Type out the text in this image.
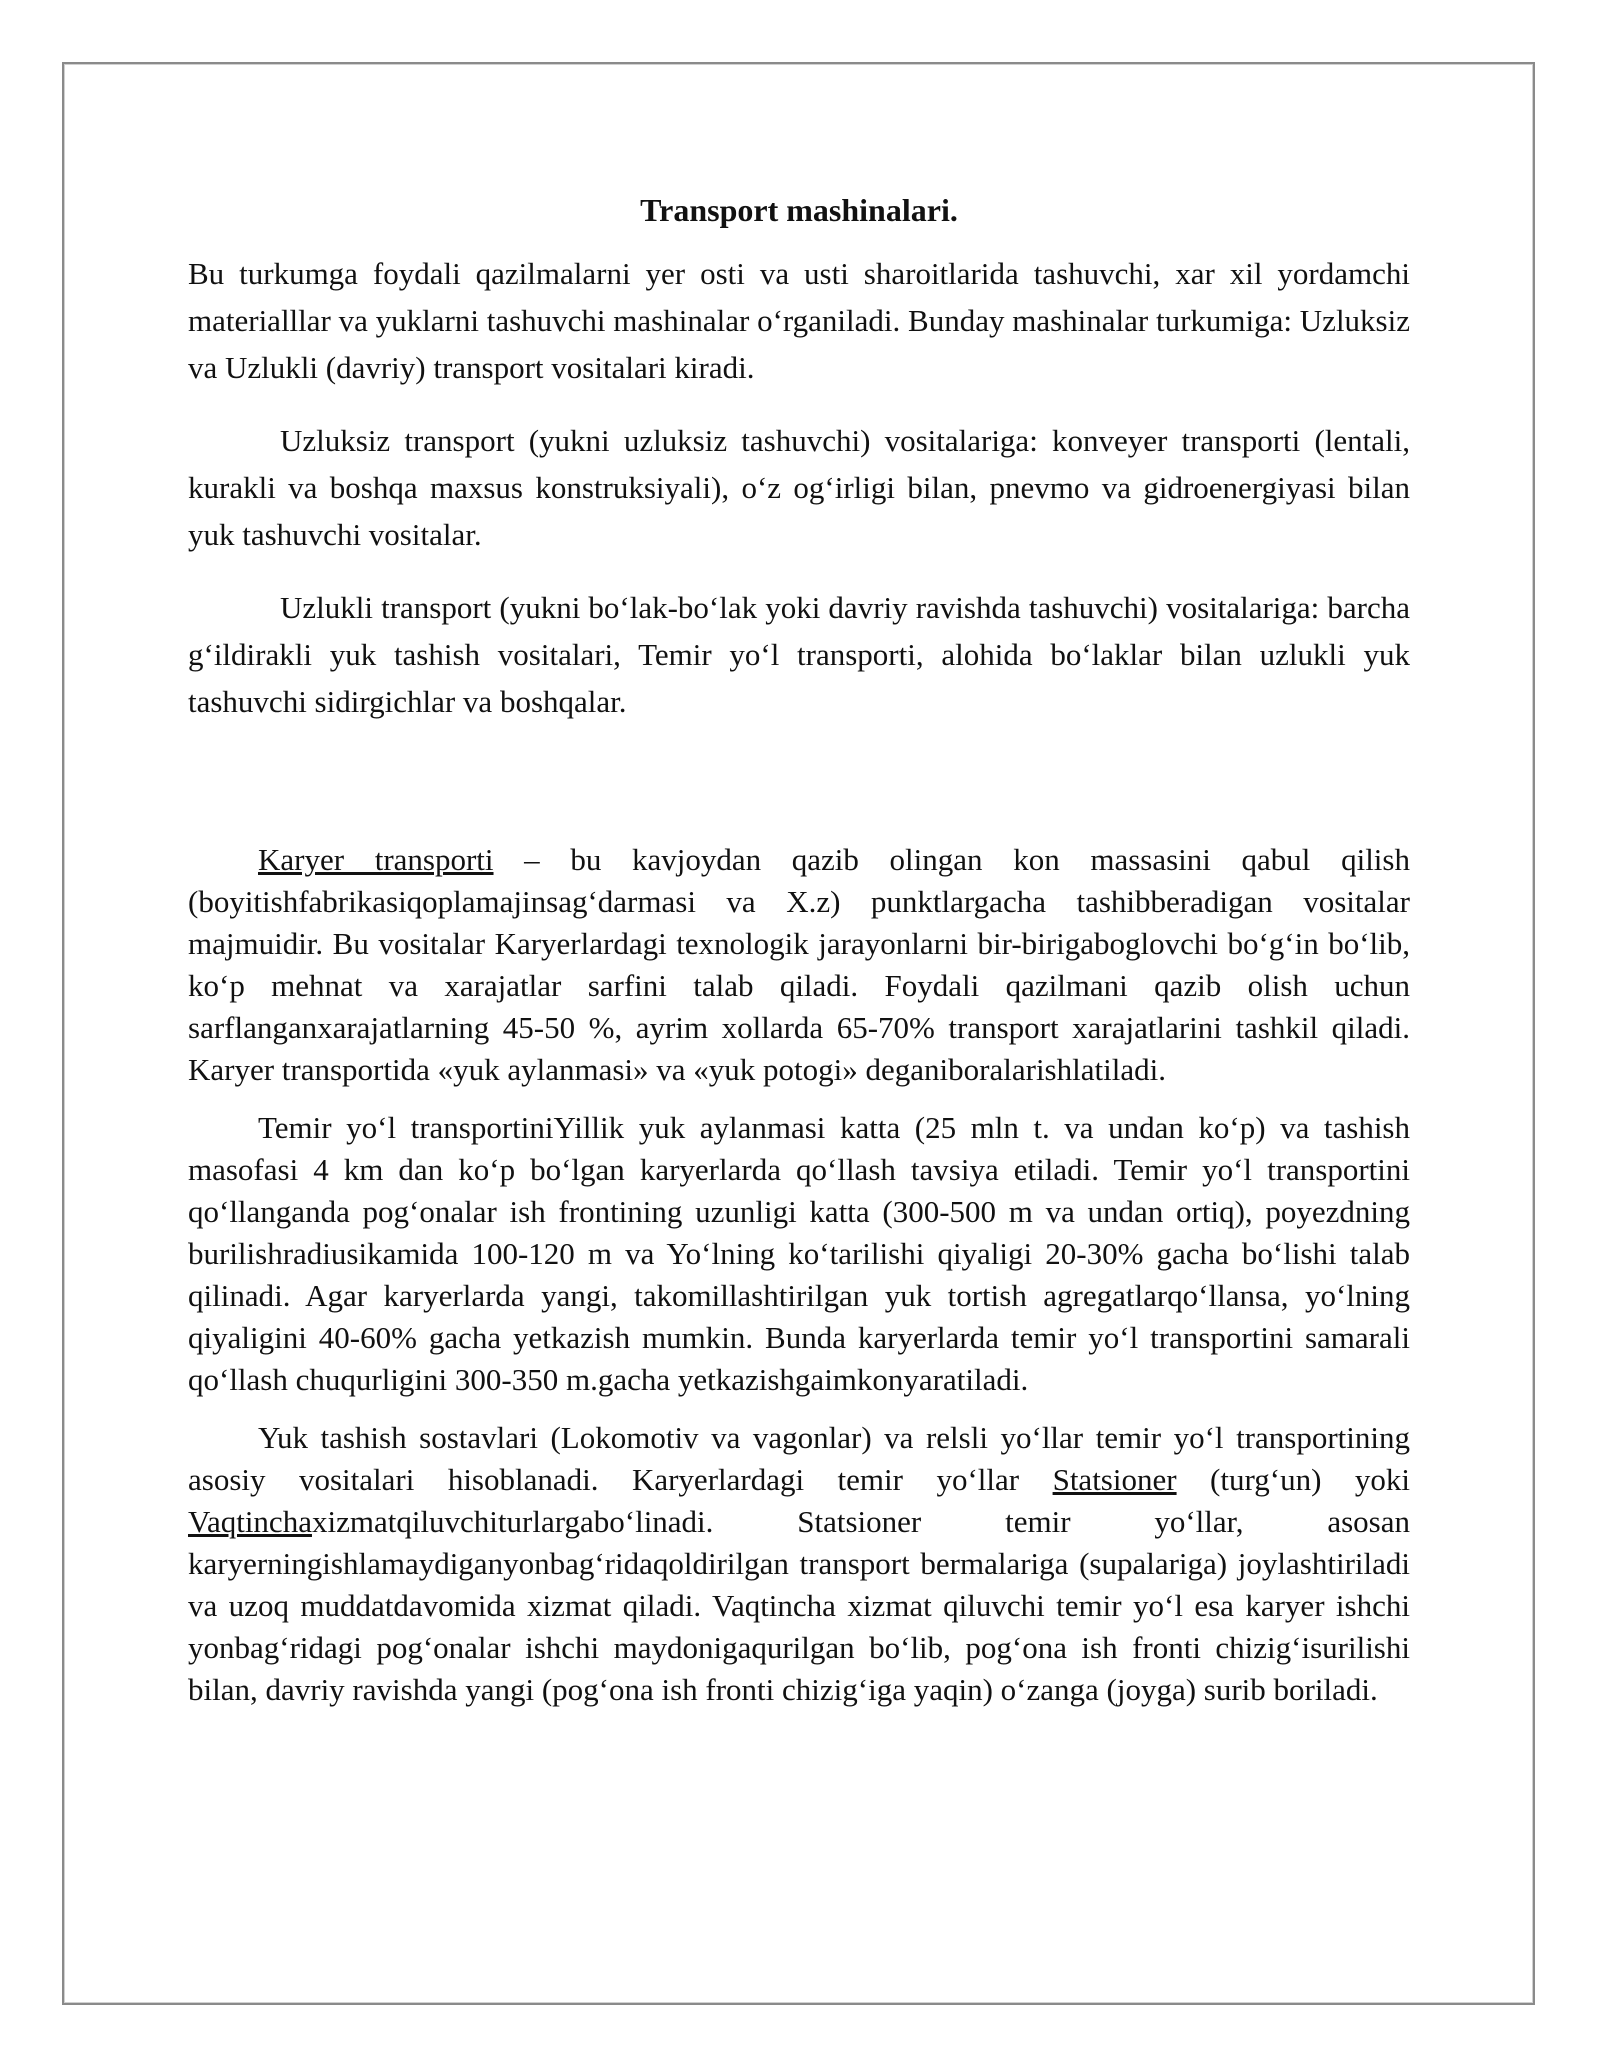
Transport mashinalari.

Bu turkumga foydali qazilmalarni yer osti va usti sharoitlarida tashuvchi, xar xil yordamchi materialllar va yuklarni tashuvchi mashinalar oʻrganiladi. Bunday mashinalar turkumiga: Uzluksiz va Uzlukli (davriy) transport vositalari kiradi.

Uzluksiz transport (yukni uzluksiz tashuvchi) vositalariga: konveyer transporti (lentali, kurakli va boshqa maxsus konstruksiyali), oʻz ogʻirligi bilan, pnevmo va gidroenergiyasi bilan yuk tashuvchi vositalar.

Uzlukli transport (yukni boʻlak-boʻlak yoki davriy ravishda tashuvchi) vositalariga: barcha gʻildirakli yuk tashish vositalari, Temir yoʻl transporti, alohida boʻlaklar bilan uzlukli yuk tashuvchi sidirgichlar va boshqalar.

Karyer transporti – bu kavjoydan qazib olingan kon massasini qabul qilish (boyitishfabrikasiqoplamajinsagʻdarmasi va X.z) punktlargacha tashibberadigan vositalar majmuidir. Bu vositalar Karyerlardagi texnologik jarayonlarni bir-birigaboglovchi boʻgʻin boʻlib, koʻp mehnat va xarajatlar sarfini talab qiladi. Foydali qazilmani qazib olish uchun sarflanganxarajatlarning 45-50 %, ayrim xollarda 65-70% transport xarajatlarini tashkil qiladi. Karyer transportida «yuk aylanmasi» va «yuk potogi» deganiboralarishlatiladi.

Temir yoʻl transportiniYillik yuk aylanmasi katta (25 mln t. va undan koʻp) va tashish masofasi 4 km dan koʻp boʻlgan karyerlarda qoʻllash tavsiya etiladi. Temir yoʻl transportini qoʻllanganda pogʻonalar ish frontining uzunligi katta (300-500 m va undan ortiq), poyezdning burilishradiusikamida 100-120 m va Yoʻlning koʻtarilishi qiyaligi 20-30% gacha boʻlishi talab qilinadi. Agar karyerlarda yangi, takomillashtirilgan yuk tortish agregatlarqoʻllansa, yoʻlning qiyaligini 40-60% gacha yetkazish mumkin. Bunda karyerlarda temir yoʻl transportini samarali qoʻllash chuqurligini 300-350 m.gacha yetkazishgaimkonyaratiladi.

Yuk tashish sostavlari (Lokomotiv va vagonlar) va relsli yoʻllar temir yoʻl transportining asosiy vositalari hisoblanadi. Karyerlardagi temir yoʻllar Statsioner (turgʻun) yoki Vaqtinchaxizmatqiluvchiturlargaboʻlinadi. Statsioner temir yoʻllar, asosan karyerningishlamaydiganyonbagʻridaqoldirilgan transport bermalariga (supalariga) joylashtiriladi va uzoq muddatdavomida xizmat qiladi. Vaqtincha xizmat qiluvchi temir yoʻl esa karyer ishchi yonbagʻridagi pogʻonalar ishchi maydonigaqurilgan boʻlib, pogʻona ish fronti chizigʻisurilishi bilan, davriy ravishda yangi (pogʻona ish fronti chizigʻiga yaqin) oʻzanga (joyga) surib boriladi.
